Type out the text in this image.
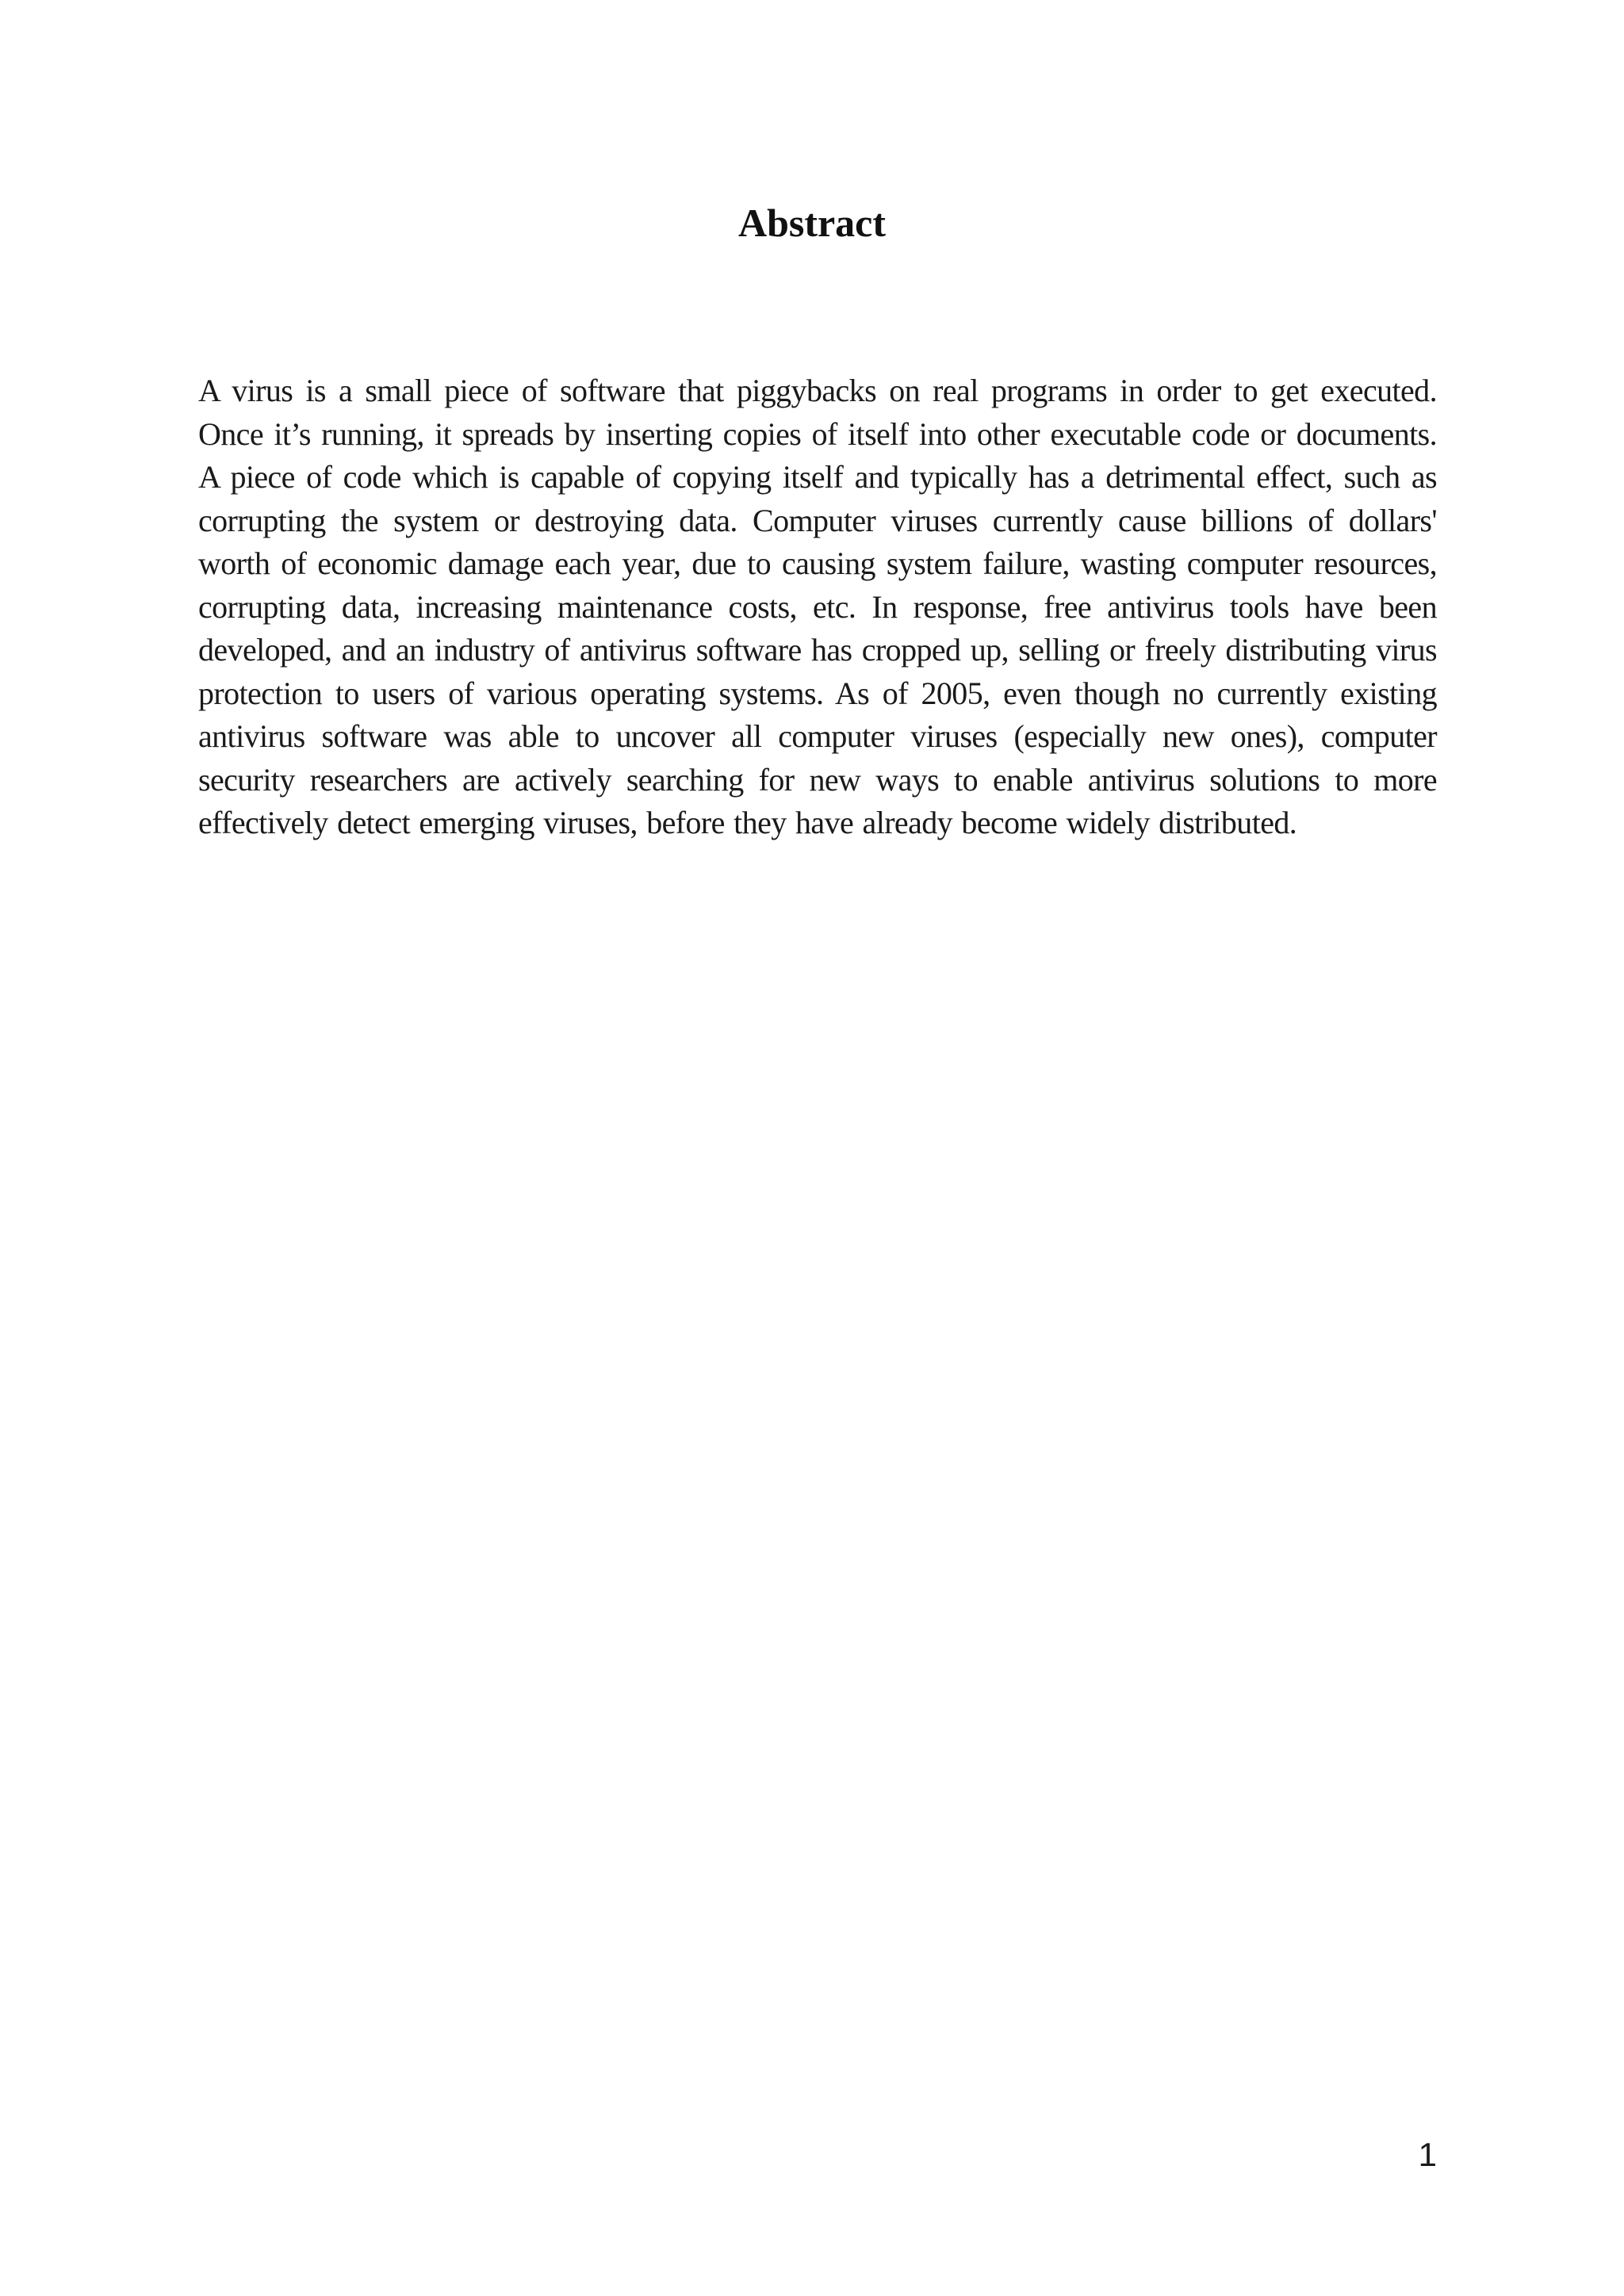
Abstract

A virus is a small piece of software that piggybacks on real programs in order to get executed. Once it’s running, it spreads by inserting copies of itself into other executable code or documents. A piece of code which is capable of copying itself and typically has a detrimental effect, such as corrupting the system or destroying data. Computer viruses currently cause billions of dollars' worth of economic damage each year, due to causing system failure, wasting computer resources, corrupting data, increasing maintenance costs, etc. In response, free antivirus tools have been developed, and an industry of antivirus software has cropped up, selling or freely distributing virus protection to users of various operating systems. As of 2005, even though no currently existing antivirus software was able to uncover all computer viruses (especially new ones), computer security researchers are actively searching for new ways to enable antivirus solutions to more effectively detect emerging viruses, before they have already become widely distributed.

1
